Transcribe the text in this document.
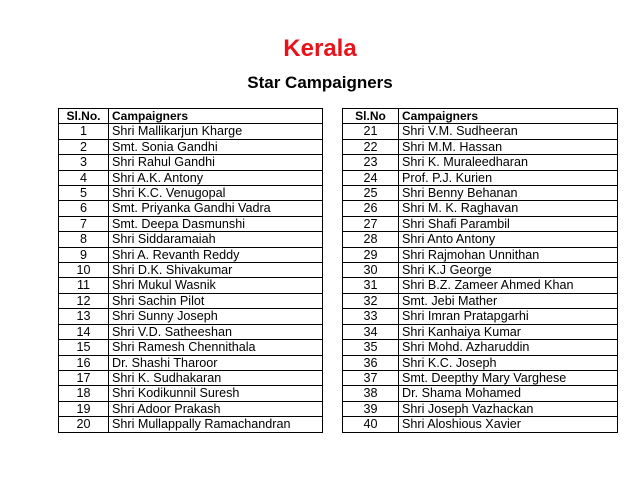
Kerala
Star Campaigners
Sl.No.	Campaigners
1	Shri Mallikarjun Kharge
2	Smt. Sonia Gandhi
3	Shri Rahul Gandhi
4	Shri A.K. Antony
5	Shri K.C. Venugopal
6	Smt. Priyanka Gandhi Vadra
7	Smt. Deepa Dasmunshi
8	Shri Siddaramaiah
9	Shri A. Revanth Reddy
10	Shri D.K. Shivakumar
11	Shri Mukul Wasnik
12	Shri Sachin Pilot
13	Shri Sunny Joseph
14	Shri V.D. Satheeshan
15	Shri Ramesh Chennithala
16	Dr. Shashi Tharoor
17	Shri K. Sudhakaran
18	Shri Kodikunnil Suresh
19	Shri Adoor Prakash
20	Shri Mullappally Ramachandran
Sl.No	Campaigners
21	Shri V.M. Sudheeran
22	Shri M.M. Hassan
23	Shri K. Muraleedharan
24	Prof. P.J. Kurien
25	Shri Benny Behanan
26	Shri M. K. Raghavan
27	Shri Shafi Parambil
28	Shri Anto Antony
29	Shri Rajmohan Unnithan
30	Shri K.J George
31	Shri B.Z. Zameer Ahmed Khan
32	Smt. Jebi Mather
33	Shri Imran Pratapgarhi
34	Shri Kanhaiya Kumar
35	Shri Mohd. Azharuddin
36	Shri K.C. Joseph
37	Smt. Deepthy Mary Varghese
38	Dr. Shama Mohamed
39	Shri Joseph Vazhackan
40	Shri Aloshious Xavier
